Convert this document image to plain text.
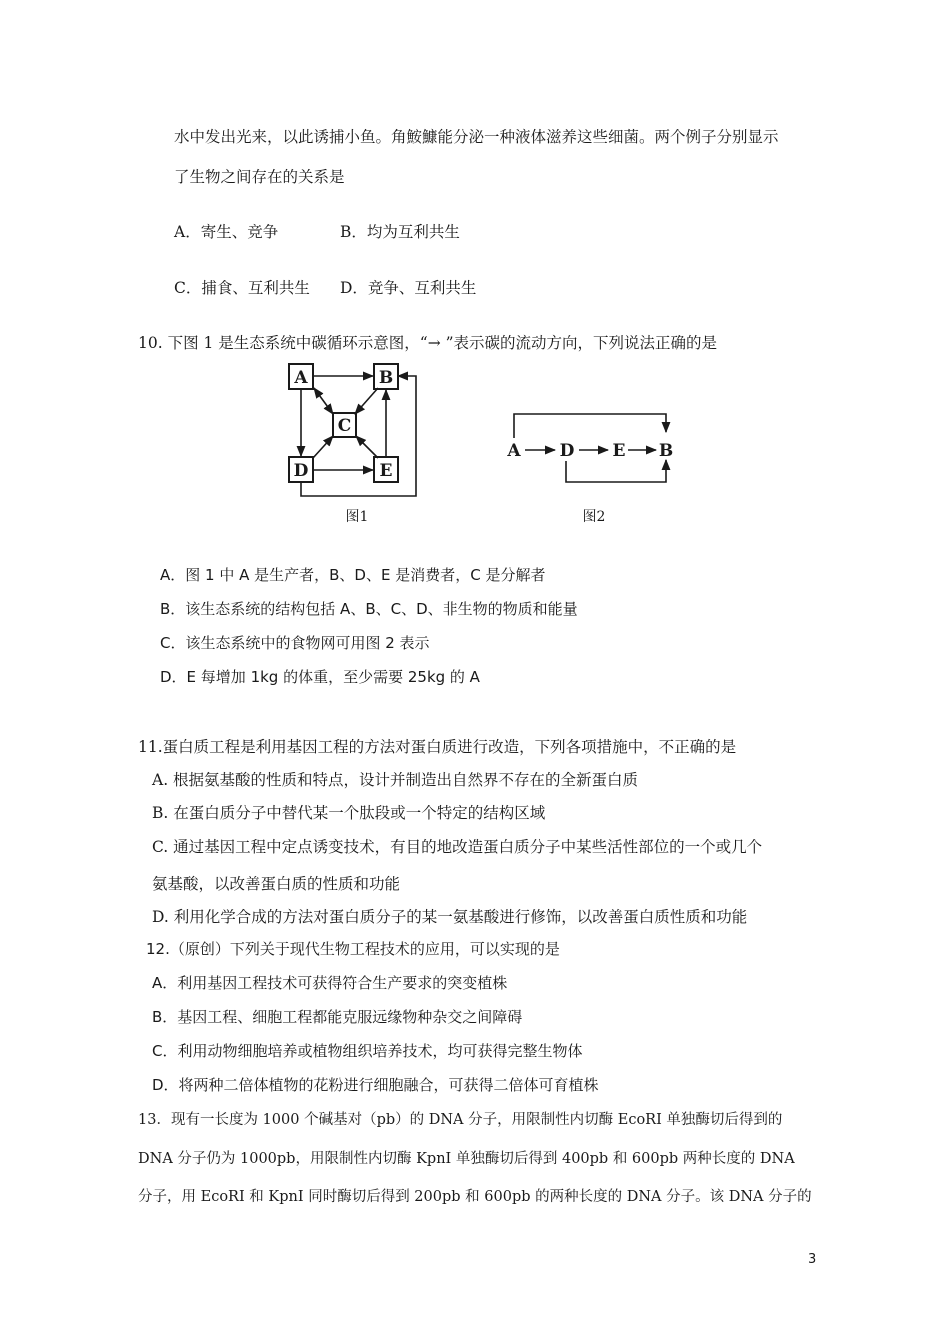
水中发出光来，以此诱捕小鱼。角鮟鱇能分泌一种液体滋养这些细菌。两个例子分别显示
了生物之间存在的关系是
A．寄生、竞争	B．均为互利共生
C．捕食、互利共生 D．竞争、互利共生
10. 下图 1 是生态系统中碳循环示意图，“→ ”表示碳的流动方向，下列说法正确的是
A	B
C
D	E
图1
A D E B
图2
A．图 1 中 A 是生产者，B、D、E 是消费者，C 是分解者
B．该生态系统的结构包括 A、B、C、D、非生物的物质和能量
C．该生态系统中的食物网可用图 2 表示
D．E 每增加 1kg 的体重，至少需要 25kg 的 A
11.蛋白质工程是利用基因工程的方法对蛋白质进行改造，下列各项措施中，不正确的是
A. 根据氨基酸的性质和特点，设计并制造出自然界不存在的全新蛋白质
B. 在蛋白质分子中替代某一个肽段或一个特定的结构区域
C. 通过基因工程中定点诱变技术，有目的地改造蛋白质分子中某些活性部位的一个或几个
氨基酸，以改善蛋白质的性质和功能
D. 利用化学合成的方法对蛋白质分子的某一氨基酸进行修饰，以改善蛋白质性质和功能
12.（原创）下列关于现代生物工程技术的应用，可以实现的是
A．利用基因工程技术可获得符合生产要求的突变植株
B．基因工程、细胞工程都能克服远缘物种杂交之间障碍
C．利用动物细胞培养或植物组织培养技术，均可获得完整生物体
D．将两种二倍体植物的花粉进行细胞融合，可获得二倍体可育植株
13．现有一长度为 1000 个碱基对（pb）的 DNA 分子，用限制性内切酶 EcoRI 单独酶切后得到的
DNA 分子仍为 1000pb，用限制性内切酶 KpnI 单独酶切后得到 400pb 和 600pb 两种长度的 DNA
分子，用 EcoRI 和 KpnI 同时酶切后得到 200pb 和 600pb 的两种长度的 DNA 分子。该 DNA 分子的
3
